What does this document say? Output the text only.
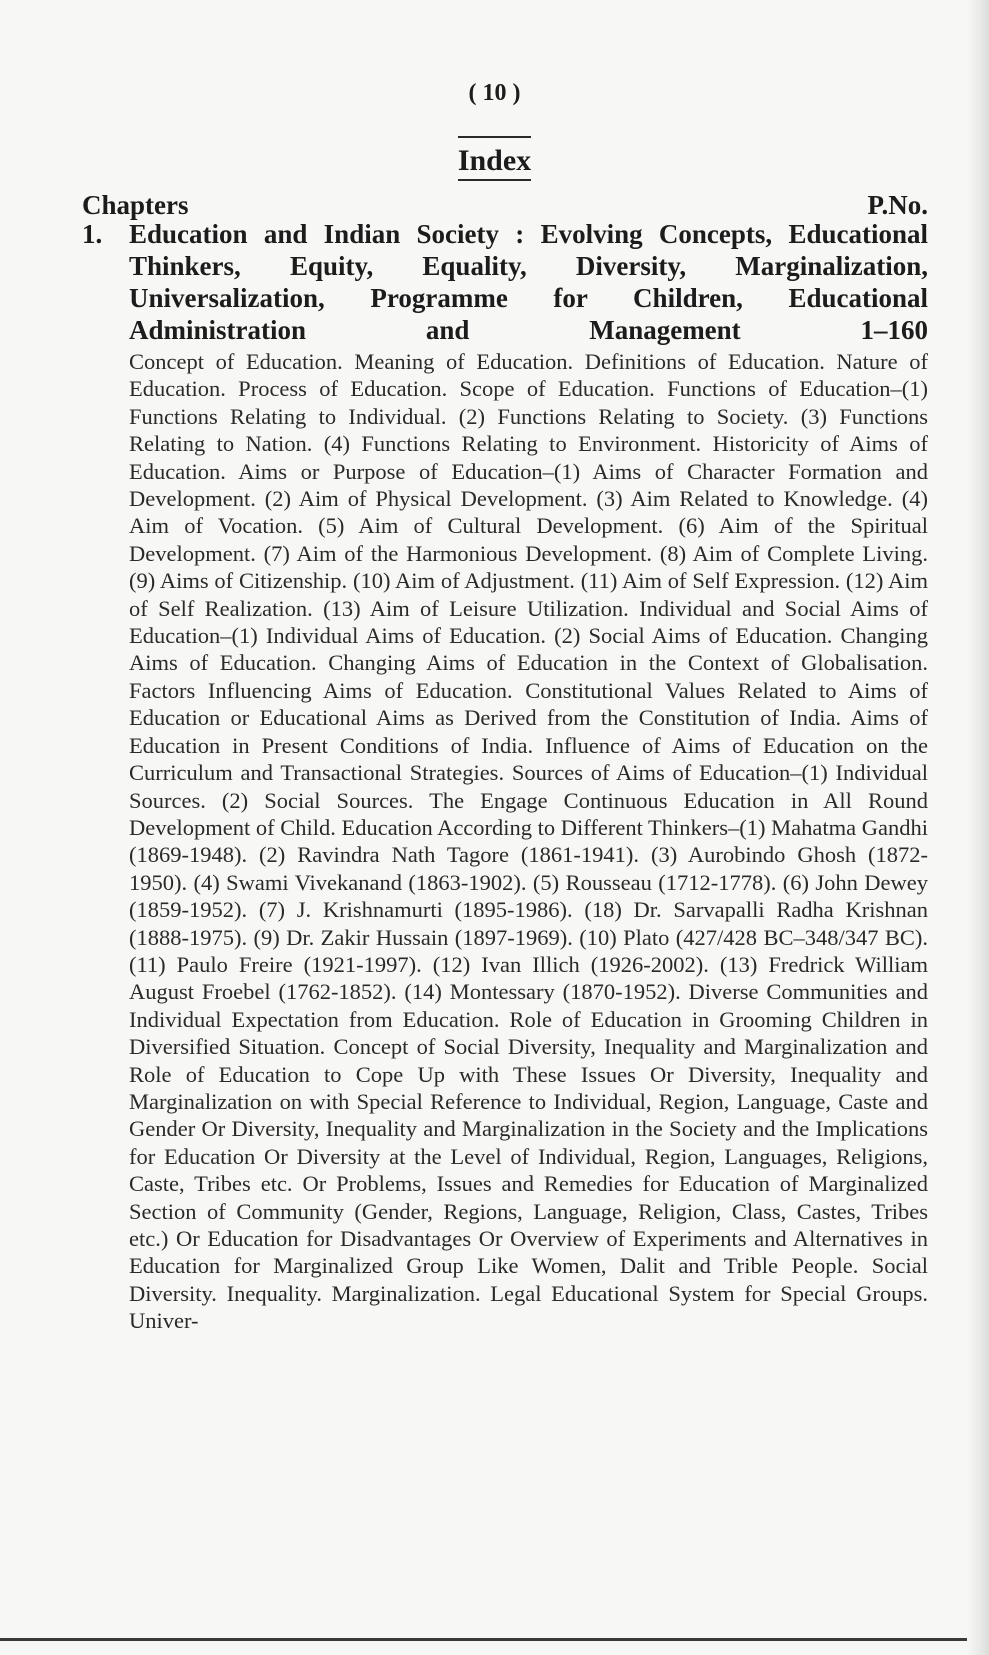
( 10 )
Index
Chapters	P.No.
1. Education and Indian Society : Evolving Concepts, Educational Thinkers, Equity, Equality, Diversity, Marginalization, Universalization, Programme for Children, Educational Administration and Management	1–160
Concept of Education. Meaning of Education. Definitions of Education. Nature of Education. Process of Education. Scope of Education. Functions of Education–(1) Functions Relating to Individual. (2) Functions Relating to Society. (3) Functions Relating to Nation. (4) Functions Relating to Environment. Historicity of Aims of Education. Aims or Purpose of Education–(1) Aims of Character Formation and Development. (2) Aim of Physical Development. (3) Aim Related to Knowledge. (4) Aim of Vocation. (5) Aim of Cultural Development. (6) Aim of the Spiritual Development. (7) Aim of the Harmonious Development. (8) Aim of Complete Living. (9) Aims of Citizenship. (10) Aim of Adjustment. (11) Aim of Self Expression. (12) Aim of Self Realization. (13) Aim of Leisure Utilization. Individual and Social Aims of Education–(1) Individual Aims of Education. (2) Social Aims of Education. Changing Aims of Education. Changing Aims of Education in the Context of Globalisation. Factors Influencing Aims of Education. Constitutional Values Related to Aims of Education or Educational Aims as Derived from the Constitution of India. Aims of Education in Present Conditions of India. Influence of Aims of Education on the Curriculum and Transactional Strategies. Sources of Aims of Education–(1) Individual Sources. (2) Social Sources. The Engage Continuous Education in All Round Development of Child. Education According to Different Thinkers–(1) Mahatma Gandhi (1869-1948). (2) Ravindra Nath Tagore (1861-1941). (3) Aurobindo Ghosh (1872-1950). (4) Swami Vivekanand (1863-1902). (5) Rousseau (1712-1778). (6) John Dewey (1859-1952). (7) J. Krishnamurti (1895-1986). (18) Dr. Sarvapalli Radha Krishnan (1888-1975). (9) Dr. Zakir Hussain (1897-1969). (10) Plato (427/428 BC–348/347 BC). (11) Paulo Freire (1921-1997). (12) Ivan Illich (1926-2002). (13) Fredrick William August Froebel (1762-1852). (14) Montessary (1870-1952). Diverse Communities and Individual Expectation from Education. Role of Education in Grooming Children in Diversified Situation. Concept of Social Diversity, Inequality and Marginalization and Role of Education to Cope Up with These Issues Or Diversity, Inequality and Marginalization on with Special Reference to Individual, Region, Language, Caste and Gender Or Diversity, Inequality and Marginalization in the Society and the Implications for Education Or Diversity at the Level of Individual, Region, Languages, Religions, Caste, Tribes etc. Or Problems, Issues and Remedies for Education of Marginalized Section of Community (Gender, Regions, Language, Religion, Class, Castes, Tribes etc.) Or Education for Disadvantages Or Overview of Experiments and Alternatives in Education for Marginalized Group Like Women, Dalit and Trible People. Social Diversity. Inequality. Marginalization. Legal Educational System for Special Groups. Univer-
